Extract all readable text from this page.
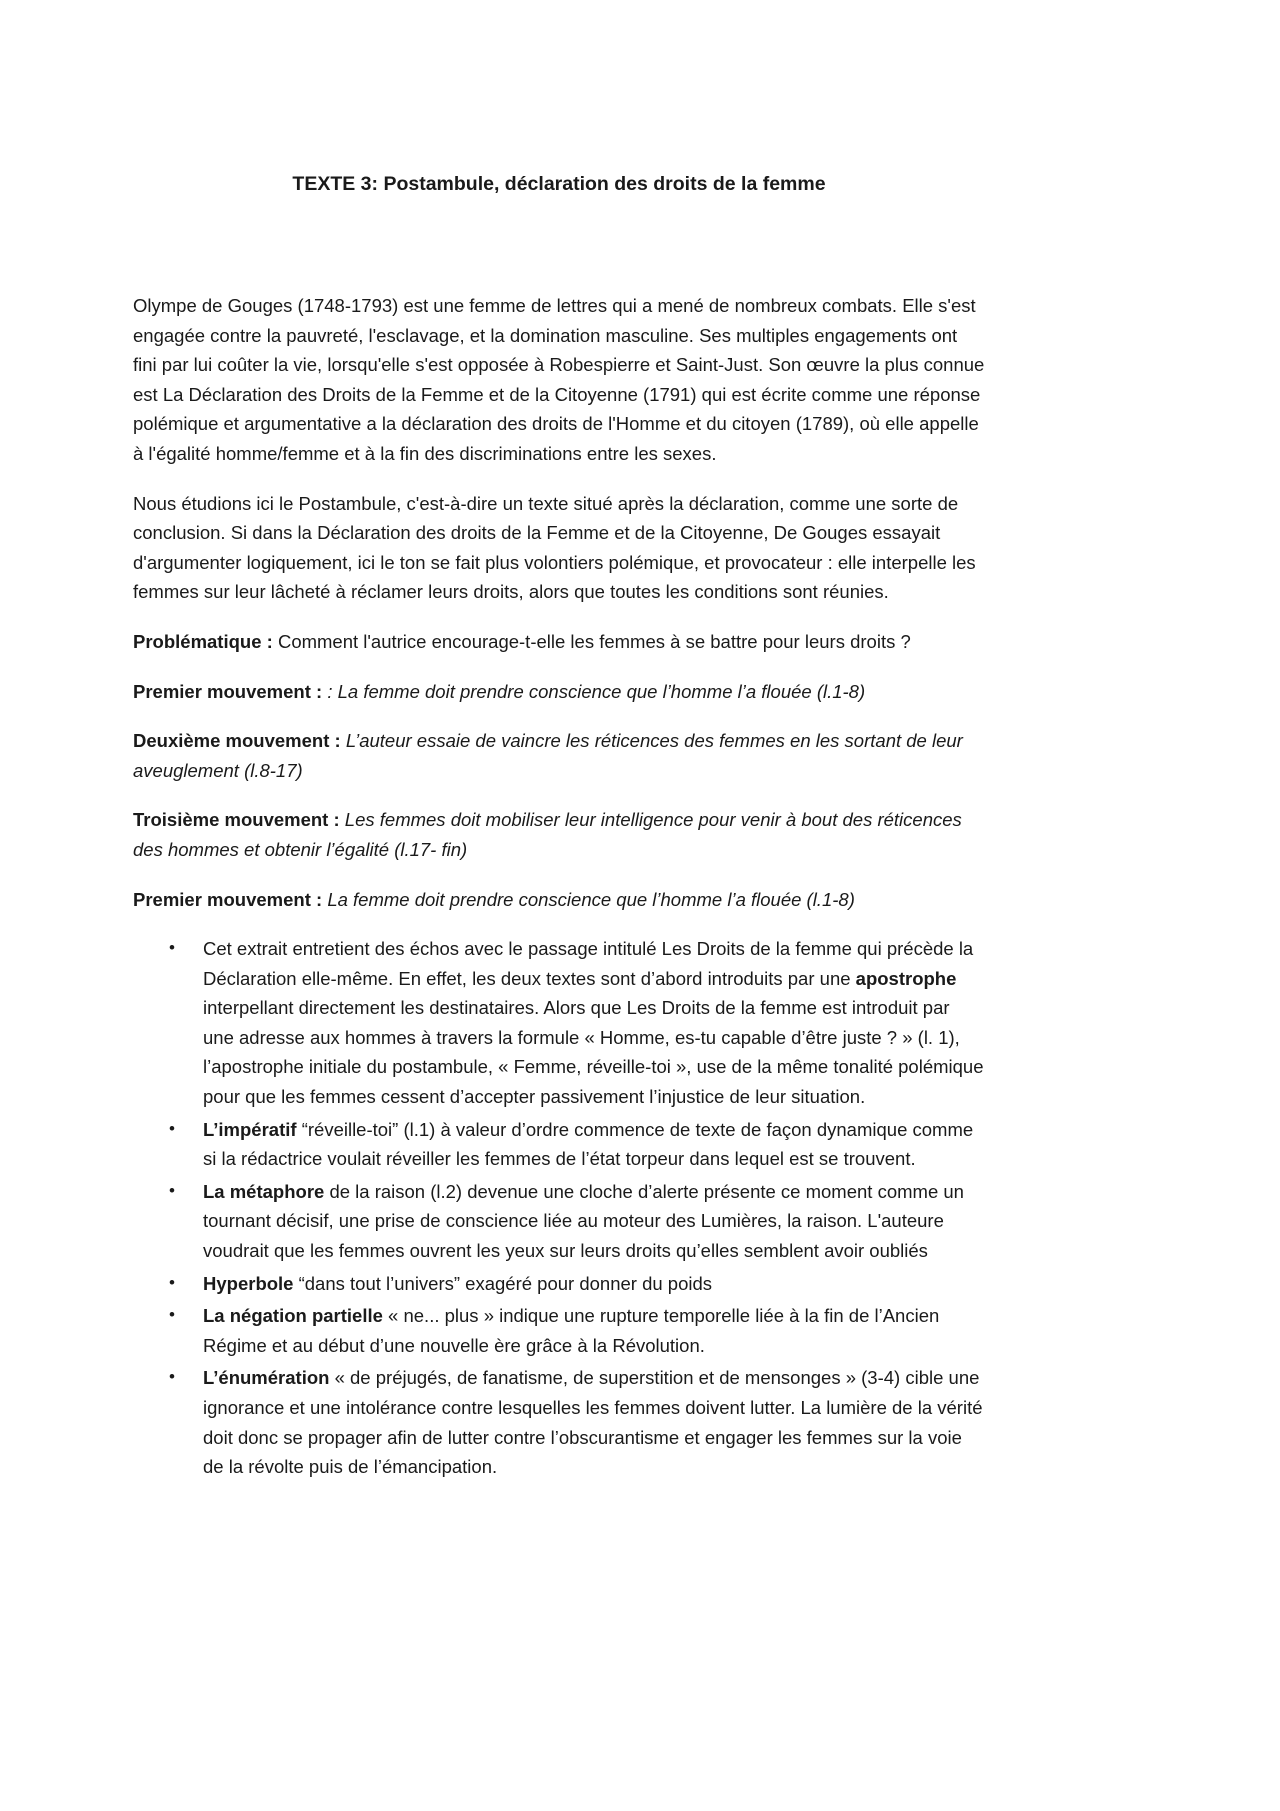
TEXTE 3: Postambule, déclaration des droits de la femme

Olympe de Gouges (1748-1793) est une femme de lettres qui a mené de nombreux combats. Elle s'est engagée contre la pauvreté, l'esclavage, et la domination masculine. Ses multiples engagements ont fini par lui coûter la vie, lorsqu'elle s'est opposée à Robespierre et Saint-Just. Son œuvre la plus connue est La Déclaration des Droits de la Femme et de la Citoyenne (1791) qui est écrite comme une réponse polémique et argumentative a la déclaration des droits de l'Homme et du citoyen (1789), où elle appelle à l'égalité homme/femme et à la fin des discriminations entre les sexes.

Nous étudions ici le Postambule, c'est-à-dire un texte situé après la déclaration, comme une sorte de conclusion. Si dans la Déclaration des droits de la Femme et de la Citoyenne, De Gouges essayait d'argumenter logiquement, ici le ton se fait plus volontiers polémique, et provocateur : elle interpelle les femmes sur leur lâcheté à réclamer leurs droits, alors que toutes les conditions sont réunies.

Problématique : Comment l'autrice encourage-t-elle les femmes à se battre pour leurs droits ?

Premier mouvement : : La femme doit prendre conscience que l’homme l’a flouée (l.1-8)

Deuxième mouvement : L’auteur essaie de vaincre les réticences des femmes en les sortant de leur aveuglement (l.8-17)

Troisième mouvement : Les femmes doit mobiliser leur intelligence pour venir à bout des réticences des hommes et obtenir l’égalité (l.17- fin)

Premier mouvement : La femme doit prendre conscience que l’homme l’a flouée (l.1-8)

• Cet extrait entretient des échos avec le passage intitulé Les Droits de la femme qui précède la Déclaration elle-même. En effet, les deux textes sont d’abord introduits par une apostrophe interpellant directement les destinataires. Alors que Les Droits de la femme est introduit par une adresse aux hommes à travers la formule « Homme, es-tu capable d’être juste ? » (l. 1), l’apostrophe initiale du postambule, « Femme, réveille-toi », use de la même tonalité polémique pour que les femmes cessent d’accepter passivement l’injustice de leur situation.
• L’impératif “réveille-toi” (l.1) à valeur d’ordre commence de texte de façon dynamique comme si la rédactrice voulait réveiller les femmes de l’état torpeur dans lequel est se trouvent.
• La métaphore de la raison (l.2) devenue une cloche d’alerte présente ce moment comme un tournant décisif, une prise de conscience liée au moteur des Lumières, la raison. L'auteure voudrait que les femmes ouvrent les yeux sur leurs droits qu’elles semblent avoir oubliés
• Hyperbole “dans tout l’univers” exagéré pour donner du poids
• La négation partielle « ne... plus » indique une rupture temporelle liée à la fin de l’Ancien Régime et au début d’une nouvelle ère grâce à la Révolution.
• L’énumération « de préjugés, de fanatisme, de superstition et de mensonges » (3-4) cible une ignorance et une intolérance contre lesquelles les femmes doivent lutter. La lumière de la vérité doit donc se propager afin de lutter contre l’obscurantisme et engager les femmes sur la voie de la révolte puis de l’émancipation.
